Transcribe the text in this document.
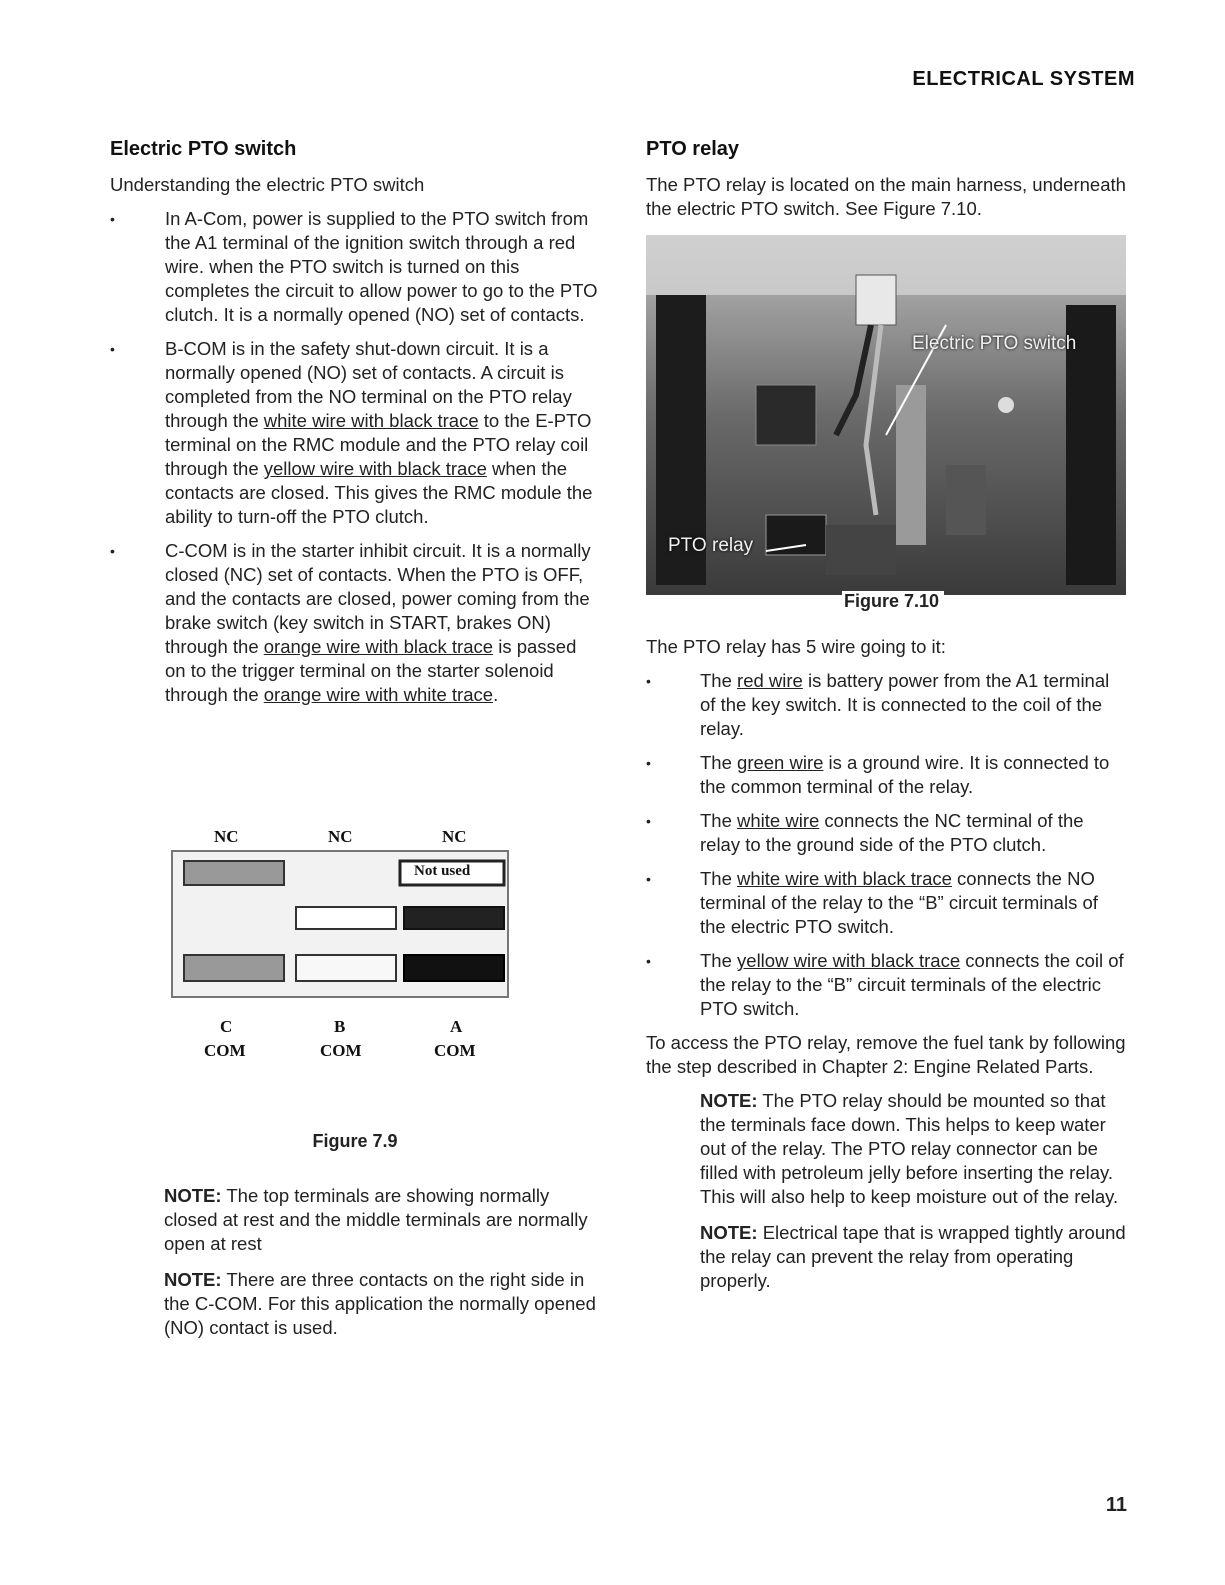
ELECTRICAL SYSTEM
Electric PTO switch

Understanding the electric PTO switch

• In A-Com, power is supplied to the PTO switch from the A1 terminal of the ignition switch through a red wire. when the PTO switch is turned on this completes the circuit to allow power to go to the PTO clutch. It is a normally opened (NO) set of contacts.
• B-COM is in the safety shut-down circuit. It is a normally opened (NO) set of contacts. A circuit is completed from the NO terminal on the PTO relay through the white wire with black trace to the E-PTO terminal on the RMC module and the PTO relay coil through the yellow wire with black trace when the contacts are closed. This gives the RMC module the ability to turn-off the PTO clutch.
• C-COM is in the starter inhibit circuit. It is a normally closed (NC) set of contacts. When the PTO is OFF, and the contacts are closed, power coming from the brake switch (key switch in START, brakes ON) through the orange wire with black trace is passed on to the trigger terminal on the starter solenoid through the orange wire with white trace.
NC	NC	NC
Not used
C	B	A
COM	COM	COM
Figure 7.9
NOTE: The top terminals are showing normally closed at rest and the middle terminals are normally open at rest
NOTE: There are three contacts on the right side in the C-COM. For this application the normally opened (NO) contact is used.
PTO relay

The PTO relay is located on the main harness, underneath the electric PTO switch. See Figure 7.10.

Electric PTO switch
PTO relay
Figure 7.10

The PTO relay has 5 wire going to it:

• The red wire is battery power from the A1 terminal of the key switch. It is connected to the coil of the relay.
• The green wire is a ground wire. It is connected to the common terminal of the relay.
• The white wire connects the NC terminal of the relay to the ground side of the PTO clutch.
• The white wire with black trace connects the NO terminal of the relay to the “B” circuit terminals of the electric PTO switch.
• The yellow wire with black trace connects the coil of the relay to the “B” circuit terminals of the electric PTO switch.

To access the PTO relay, remove the fuel tank by following the step described in Chapter 2: Engine Related Parts.

NOTE: The PTO relay should be mounted so that the terminals face down. This helps to keep water out of the relay. The PTO relay connector can be filled with petroleum jelly before inserting the relay. This will also help to keep moisture out of the relay.
NOTE: Electrical tape that is wrapped tightly around the relay can prevent the relay from operating properly.
11
